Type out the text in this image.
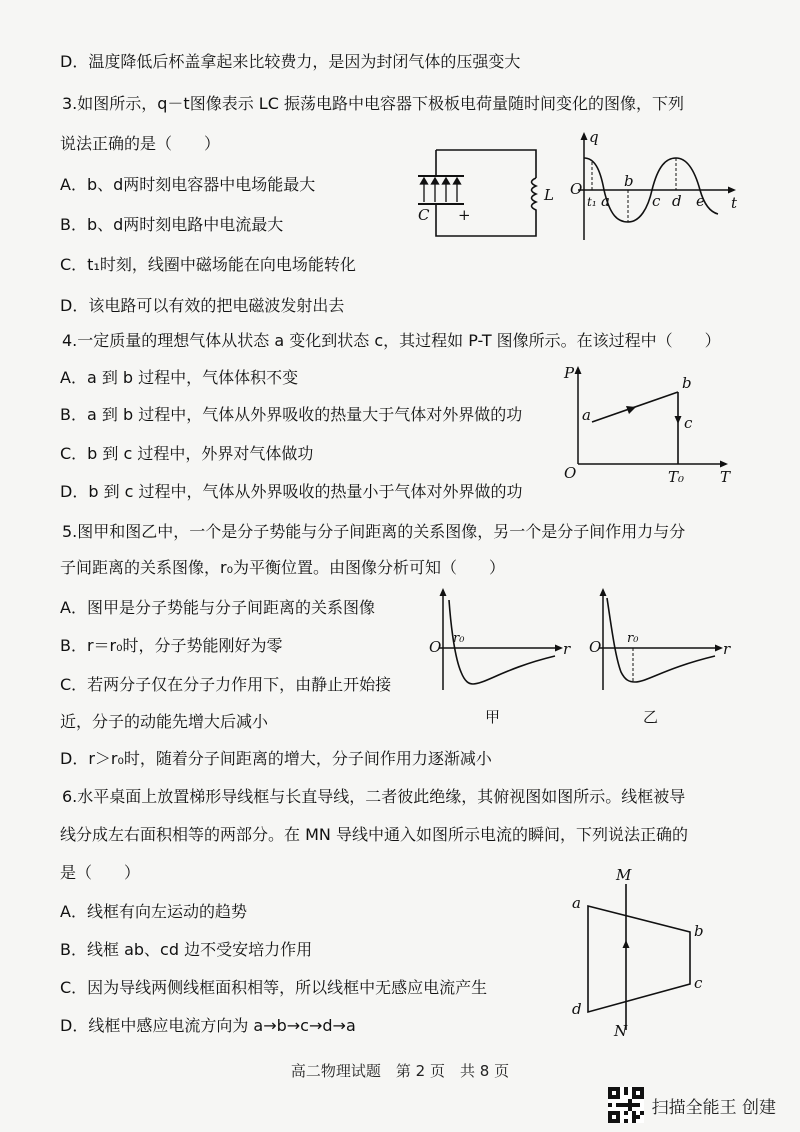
D．温度降低后杯盖拿起来比较费力，是因为封闭气体的压强变大
3.如图所示，q－t图像表示 LC 振荡电路中电容器下极板电荷量随时间变化的图像，下列
说法正确的是（　　）
A．b、d两时刻电容器中电场能最大
B．b、d两时刻电路中电流最大
C．t₁时刻，线圈中磁场能在向电场能转化
D．该电路可以有效的把电磁波发射出去
4.一定质量的理想气体从状态 a 变化到状态 c，其过程如 P-T 图像所示。在该过程中（　　）
A．a 到 b 过程中，气体体积不变
B．a 到 b 过程中，气体从外界吸收的热量大于气体对外界做的功
C．b 到 c 过程中，外界对气体做功
D．b 到 c 过程中，气体从外界吸收的热量小于气体对外界做的功
5.图甲和图乙中，一个是分子势能与分子间距离的关系图像，另一个是分子间作用力与分
子间距离的关系图像，r₀为平衡位置。由图像分析可知（　　）
A．图甲是分子势能与分子间距离的关系图像
B．r＝r₀时，分子势能刚好为零
C．若两分子仅在分子力作用下，由静止开始接
近，分子的动能先增大后减小
D．r＞r₀时，随着分子间距离的增大，分子间作用力逐渐减小
6.水平桌面上放置梯形导线框与长直导线，二者彼此绝缘，其俯视图如图所示。线框被导
线分成左右面积相等的两部分。在 MN 导线中通入如图所示电流的瞬间，下列说法正确的
是（　　）
A．线框有向左运动的趋势
B．线框 ab、cd 边不受安培力作用
C．因为导线两侧线框面积相等，所以线框中无感应电流产生
D．线框中感应电流方向为 a→b→c→d→a
C
L
+
q
O
t₁ a
b
c d e t
P
O
a
b
c
T₀ T
O r₀
r
甲
O r₀
r
乙
M
N
a
b
c
d
高二物理试题　第 2 页　共 8 页
扫描全能王 创建
